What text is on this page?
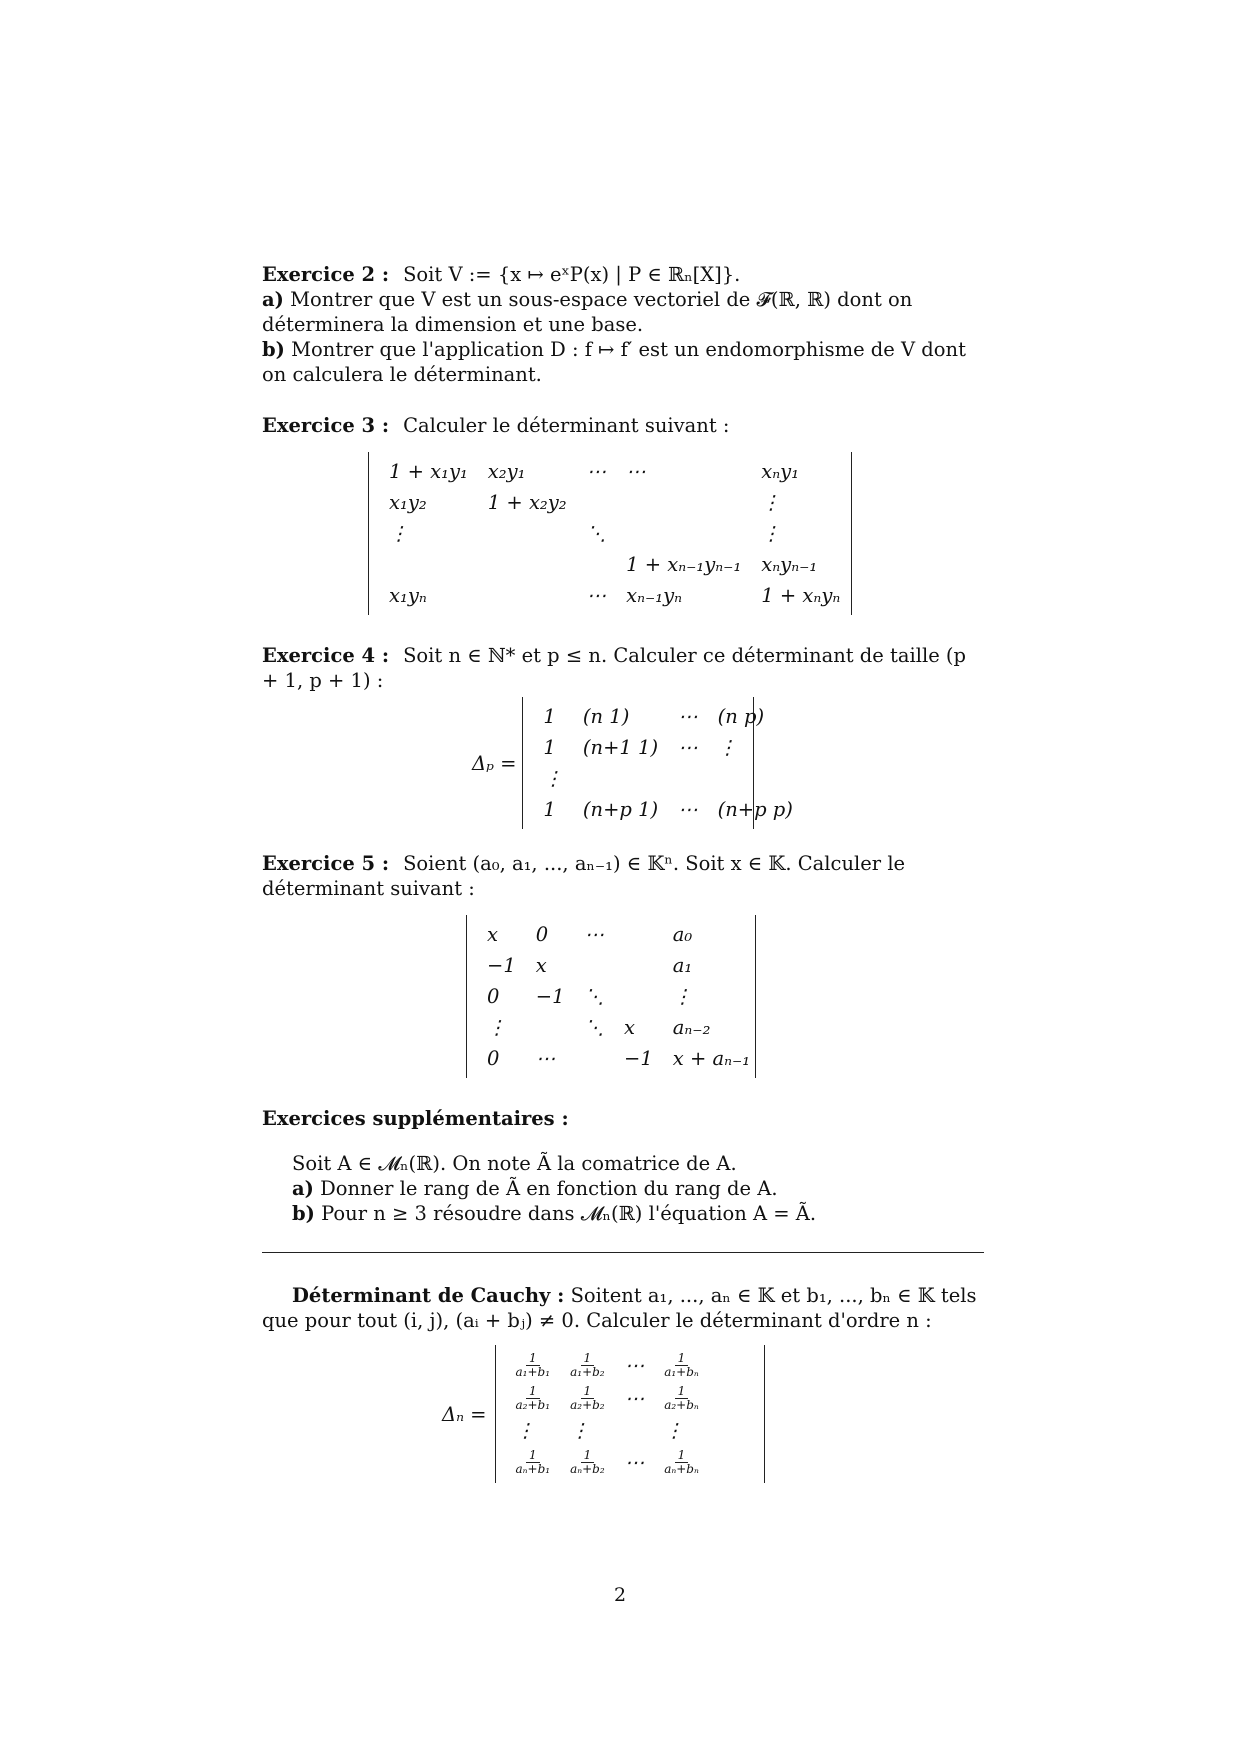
Exercice 2 : Soit V := {x ↦ eˣP(x) | P ∈ ℝₙ[X]}.
a) Montrer que V est un sous-espace vectoriel de 𝓕(ℝ, ℝ) dont on déterminera la dimension et une base.
b) Montrer que l'application D : f ↦ f′ est un endomorphisme de V dont on calculera le déterminant.
Exercice 3 : Calculer le déterminant suivant :
1 + x₁y₁	x₂y₁	⋯	⋯	xₙy₁
x₁y₂	1 + x₂y₂			⋮
⋮		⋱		⋮
			1 + xₙ₋₁yₙ₋₁	xₙyₙ₋₁
x₁yₙ		⋯	xₙ₋₁yₙ	1 + xₙyₙ
Exercice 4 : Soit n ∈ ℕ* et p ≤ n. Calculer ce déterminant de taille (p + 1, p + 1) :
Δₚ =
1	(n 1)	⋯	(n p)
1	(n+1 1)	⋯	⋮
⋮			
1	(n+p 1)	⋯	(n+p p)
Exercice 5 : Soient (a₀, a₁, ..., aₙ₋₁) ∈ 𝕂ⁿ. Soit x ∈ 𝕂. Calculer le déterminant suivant :
x	0	⋯		a₀
−1	x			a₁
0	−1	⋱		⋮
⋮		⋱	x	aₙ₋₂
0	⋯		−1	x + aₙ₋₁
Exercices supplémentaires :
Soit A ∈ 𝓜ₙ(ℝ). On note Ã la comatrice de A.
a) Donner le rang de Ã en fonction du rang de A.
b) Pour n ≥ 3 résoudre dans 𝓜ₙ(ℝ) l'équation A = Ã.
Déterminant de Cauchy : Soitent a₁, ..., aₙ ∈ 𝕂 et b₁, ..., bₙ ∈ 𝕂 tels que pour tout (i, j), (aᵢ + bⱼ) ≠ 0. Calculer le déterminant d'ordre n :
Δₙ =
$\frac{1}{\text{a₁+b₁}}$	$\frac{1}{\text{a₁+b₂}}$	⋯	$\frac{1}{\text{a₁+bₙ}}$

$\frac{1}{\text{a₂+b₁}}$	$\frac{1}{\text{a₂+b₂}}$	⋯	$\frac{1}{\text{a₂+bₙ}}$

⋮	⋮		⋮

$\frac{1}{\text{aₙ+b₁}}$	$\frac{1}{\text{aₙ+b₂}}$	⋯	$\frac{1}{\text{aₙ+bₙ}}$
2
